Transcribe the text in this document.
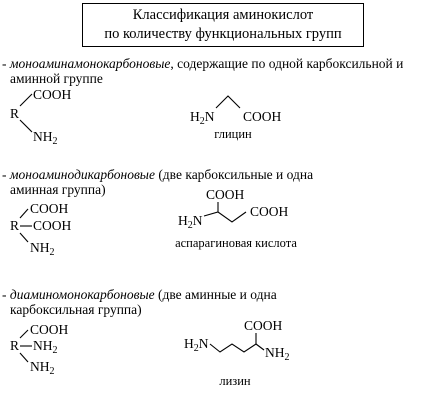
Классификация аминокислот
по количеству функциональных групп
- моноаминамонокарбоновые, содержащие по одной карбоксильной и
аминной группе
- моноаминодикарбоновые (две карбоксильные и одна
аминная группа)
- диаминомонокарбоновые (две аминные и одна
карбоксильная группа)
R
COOH
$NH_2$
$H_2N$ COOH
глицин
R
COOH
COOH
$NH_2$
COOH
$H_2N$
COOH
аспарагиновая кислота
R
COOH
$NH_2$
$NH_2$
$H_2N$
COOH
$NH_2$
лизин
